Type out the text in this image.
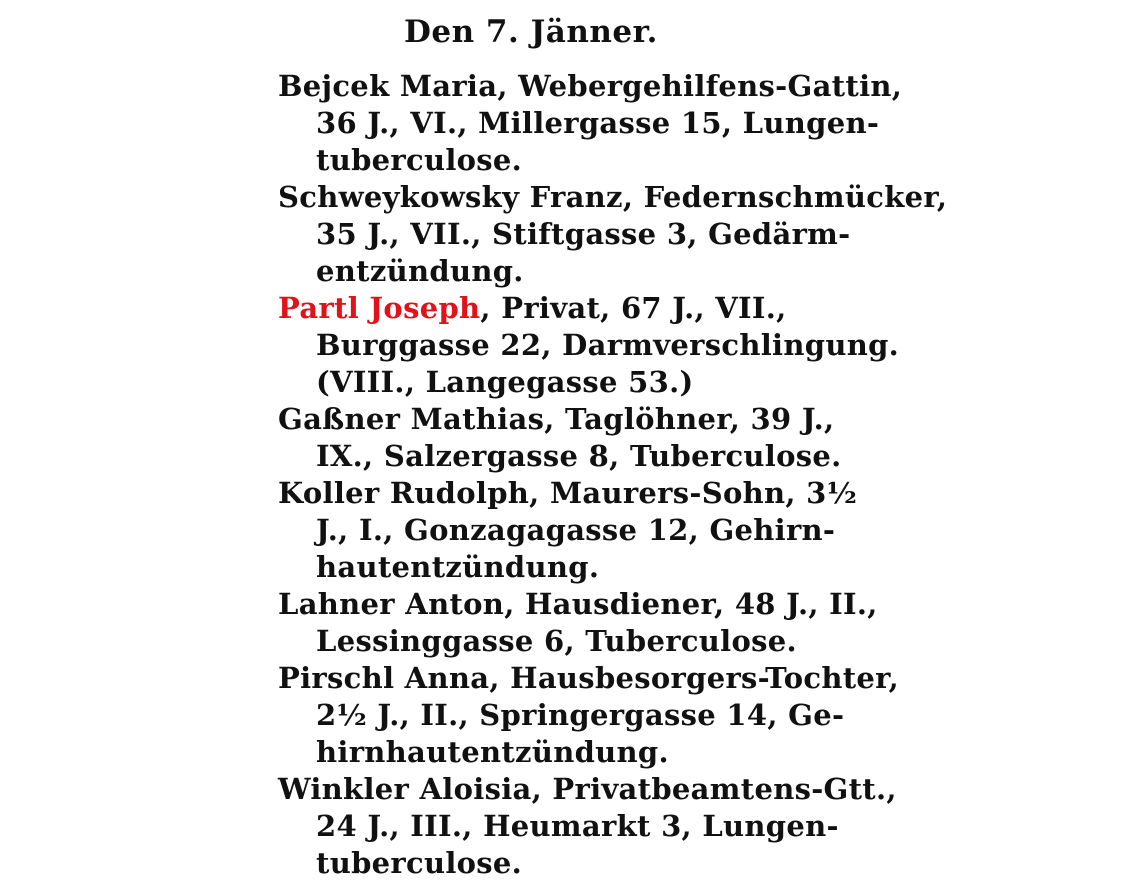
Den 7. Jänner.
Bejcek Maria, Webergehilfens-Gattin,
36 J., VI., Millergasse 15, Lungen-
tuberculose.
Schweykowsky Franz, Federnschmücker,
35 J., VII., Stiftgasse 3, Gedärm-
entzündung.
Partl Joseph, Privat, 67 J., VII.,
Burggasse 22, Darmverschlingung.
(VIII., Langegasse 53.)
Gaßner Mathias, Taglöhner, 39 J.,
IX., Salzergasse 8, Tuberculose.
Koller Rudolph, Maurers-Sohn, 3½
J., I., Gonzagagasse 12, Gehirn-
hautentzündung.
Lahner Anton, Hausdiener, 48 J., II.,
Lessinggasse 6, Tuberculose.
Pirschl Anna, Hausbesorgers-Tochter,
2½ J., II., Springergasse 14, Ge-
hirnhautentzündung.
Winkler Aloisia, Privatbeamtens-Gtt.,
24 J., III., Heumarkt 3, Lungen-
tuberculose.
